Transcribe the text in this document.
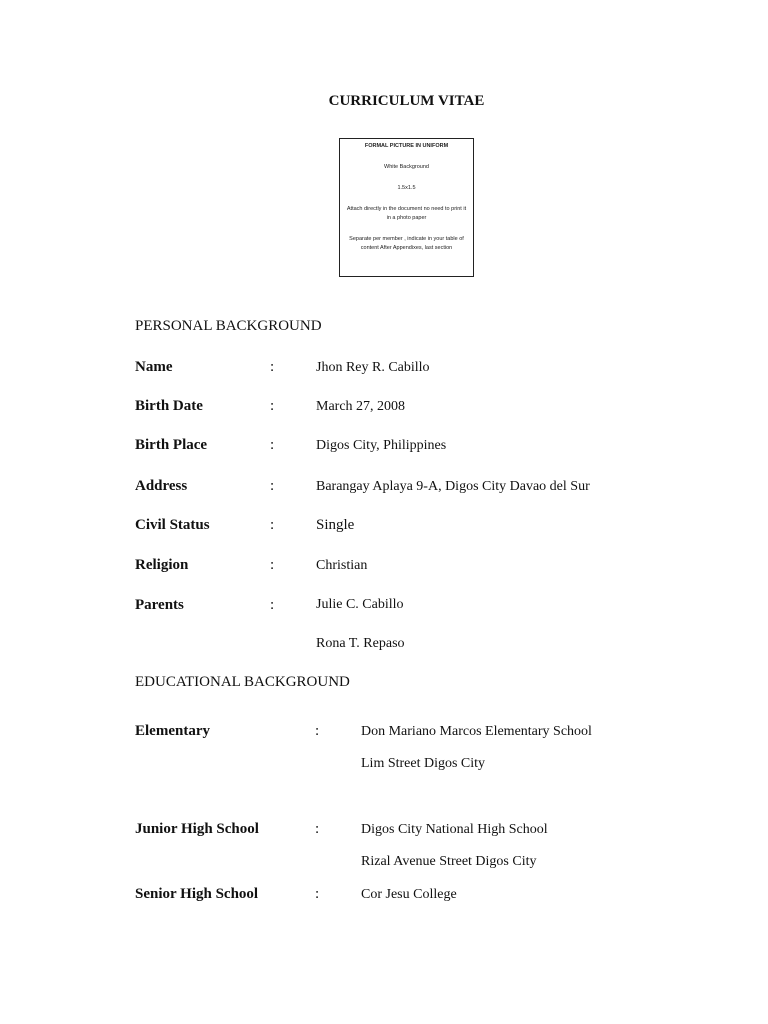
CURRICULUM VITAE
FORMAL PICTURE IN UNIFORM
White Background
1.5x1.5
Attach directly in the document no need to print it in a photo paper
Separate per member , indicate in your table of content After Appendixes, last section
PERSONAL BACKGROUND
Name	:	Jhon Rey R. Cabillo
Birth Date	:	March 27, 2008
Birth Place	:	Digos City, Philippines
Address	:	Barangay Aplaya 9-A, Digos City Davao del Sur
Civil Status	:	Single
Religion	:	Christian
Parents	:	Julie C. Cabillo
Rona T. Repaso
EDUCATIONAL BACKGROUND
Elementary	:	Don Mariano Marcos Elementary School
Lim Street Digos City
Junior High School	:	Digos City National High School
Rizal Avenue Street Digos City
Senior High School	:	Cor Jesu College
